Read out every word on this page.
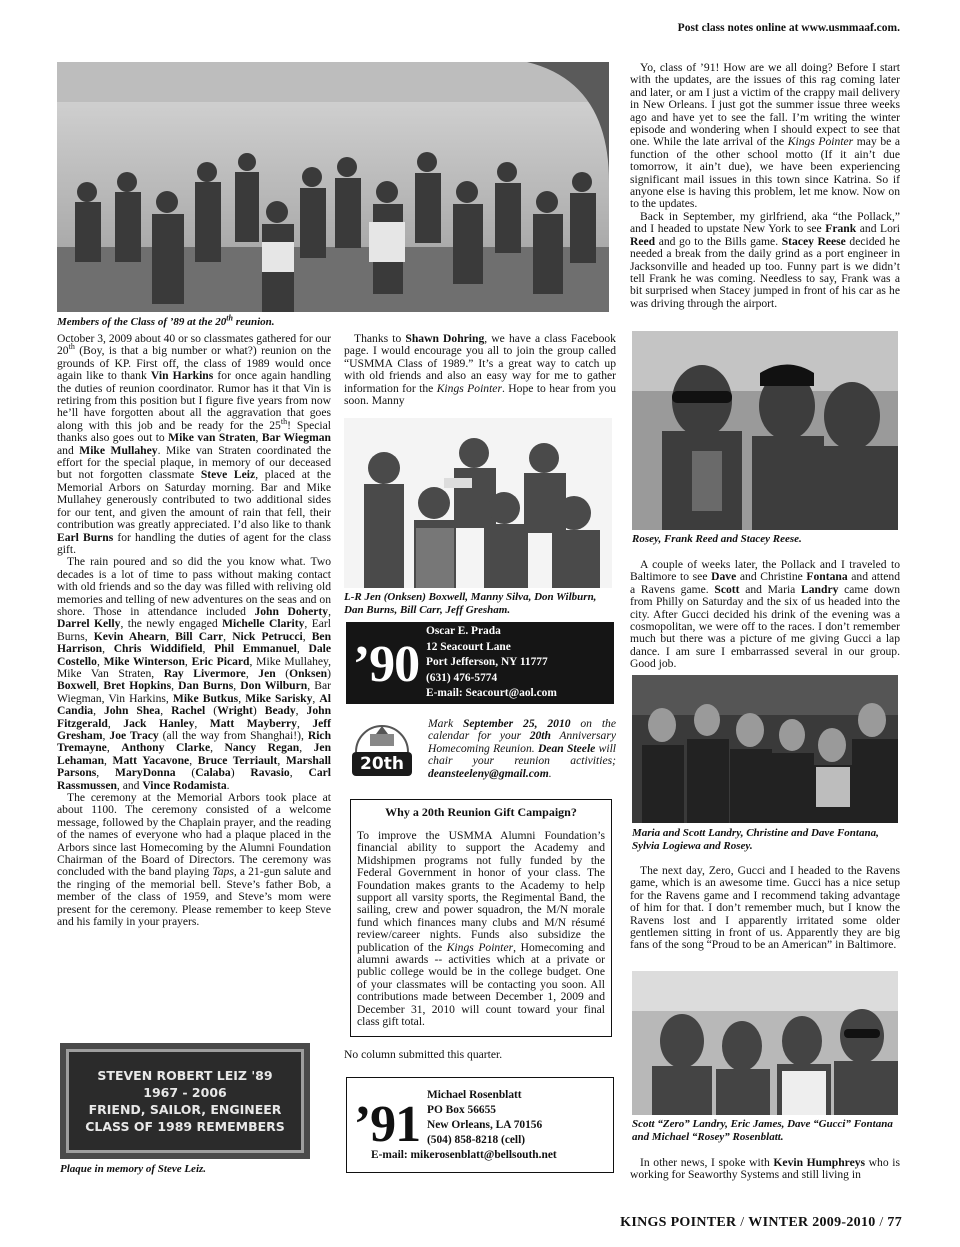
Post class notes online at www.usmmaaf.com.
Members of the Class of ’89 at the 20th reunion.

October 3, 2009 about 40 or so classmates gathered for our 20th (Boy, is that a big number or what?) reunion on the grounds of KP. First off, the class of 1989 would once again like to thank Vin Harkins for once again handling the duties of reunion coordinator. Rumor has it that Vin is retiring from this position but I figure five years from now he’ll have forgotten about all the aggravation that goes along with this job and be ready for the 25th! Special thanks also goes out to Mike van Straten, Bar Wiegman and Mike Mullahey. Mike van Straten coordinated the effort for the special plaque, in memory of our deceased but not forgotten classmate Steve Leiz, placed at the Memorial Arbors on Saturday morning. Bar and Mike Mullahey generously contributed to two additional sides for our tent, and given the amount of rain that fell, their contribution was greatly appreciated. I’d also like to thank Earl Burns for handling the duties of agent for the class gift.

The rain poured and so did the you know what. Two decades is a lot of time to pass without making contact with old friends and so the day was filled with reliving old memories and telling of new adventures on the seas and on shore. Those in attendance included John Doherty, Darrel Kelly, the newly engaged Michelle Clarity, Earl Burns, Kevin Ahearn, Bill Carr, Nick Petrucci, Ben Harrison, Chris Widdifield, Phil Emmanuel, Dale Costello, Mike Winterson, Eric Picard, Mike Mullahey, Mike Van Straten, Ray Livermore, Jen (Onksen) Boxwell, Bret Hopkins, Dan Burns, Don Wilburn, Bar Wiegman, Vin Harkins, Mike Butkus, Mike Sarisky, Al Candia, John Shea, Rachel (Wright) Beady, John Fitzgerald, Jack Hanley, Matt Mayberry, Jeff Gresham, Joe Tracy (all the way from Shanghai!), Rich Tremayne, Anthony Clarke, Nancy Regan, Jen Lehaman, Matt Yacavone, Bruce Terriault, Marshall Parsons, MaryDonna (Calaba) Ravasio, Carl Rassmussen, and Vince Rodamista.

The ceremony at the Memorial Arbors took place at about 1100. The ceremony consisted of a welcome message, followed by the Chaplain prayer, and the reading of the names of everyone who had a plaque placed in the Arbors since last Homecoming by the Alumni Foundation Chairman of the Board of Directors. The ceremony was concluded with the band playing Taps, a 21-gun salute and the ringing of the memorial bell. Steve’s father Bob, a member of the class of 1959, and Steve’s mom were present for the ceremony. Please remember to keep Steve and his family in your prayers.

STEVEN ROBERT LEIZ '89
1967 - 2006
FRIEND, SAILOR, ENGINEER
CLASS OF 1989 REMEMBERS
Plaque in memory of Steve Leiz.

Thanks to Shawn Dohring, we have a class Facebook page. I would encourage you all to join the group called “USMMA Class of 1989.” It’s a great way to catch up with old friends and also an easy way for me to gather information for the Kings Pointer. Hope to hear from you soon. Manny

L-R Jen (Onksen) Boxwell, Manny Silva, Don Wilburn, Dan Burns, Bill Carr, Jeff Gresham.
’90
Oscar E. Prada
12 Seacourt Lane
Port Jefferson, NY 11777
(631) 476-5774
E-mail: Seacourt@aol.com
20th
Mark September 25, 2010 on the calendar for your 20th Anniversary Homecoming Reunion. Dean Steele will chair your reunion activities; deansteeleny@gmail.com.
Why a 20th Reunion Gift Campaign?
To improve the USMMA Alumni Foundation’s financial ability to support the Academy and Midshipmen programs not fully funded by the Federal Government in honor of your class. The Foundation makes grants to the Academy to help support all varsity sports, the Regimental Band, the sailing, crew and power squadron, the M/N morale fund which finances many clubs and M/N résumé review/career nights. Funds also subsidize the publication of the Kings Pointer, Homecoming and alumni awards -- activities which at a private or public college would be in the college budget. One of your classmates will be contacting you soon. All contributions made between December 1, 2009 and December 31, 2010 will count toward your final class gift total.
No column submitted this quarter.
’91
Michael Rosenblatt
PO Box 56655
New Orleans, LA 70156
(504) 858-8218 (cell)
E-mail: mikerosenblatt@bellsouth.net

Yo, class of ’91! How are we all doing? Before I start with the updates, are the issues of this rag coming later and later, or am I just a victim of the crappy mail delivery in New Orleans. I just got the summer issue three weeks ago and have yet to see the fall. I’m writing the winter episode and wondering when I should expect to see that one. While the late arrival of the Kings Pointer may be a function of the other school motto (If it ain’t due tomorrow, it ain’t due), we have been experiencing significant mail issues in this town since Katrina. So if anyone else is having this problem, let me know. Now on to the updates.

Back in September, my girlfriend, aka “the Pollack,” and I headed to upstate New York to see Frank and Lori Reed and go to the Bills game. Stacey Reese decided he needed a break from the daily grind as a port engineer in Jacksonville and headed up too. Funny part is we didn’t tell Frank he was coming. Needless to say, Frank was a bit surprised when Stacey jumped in front of his car as he was driving through the airport.

Rosey, Frank Reed and Stacey Reese.

A couple of weeks later, the Pollack and I traveled to Baltimore to see Dave and Christine Fontana and attend a Ravens game. Scott and Maria Landry came down from Philly on Saturday and the six of us headed into the city. After Gucci decided his drink of the evening was a cosmopolitan, we were off to the races. I don’t remember much but there was a picture of me giving Gucci a lap dance. I am sure I embarrassed several in our group. Good job.

Maria and Scott Landry, Christine and Dave Fontana, Sylvia Logiewa and Rosey.

The next day, Zero, Gucci and I headed to the Ravens game, which is an awesome time. Gucci has a nice setup for the Ravens game and I recommend taking advantage of him for that. I don’t remember much, but I know the Ravens lost and I apparently irritated some older gentlemen sitting in front of us. Apparently they are big fans of the song “Proud to be an American” in Baltimore.

Scott “Zero” Landry, Eric James, Dave “Gucci” Fontana and Michael “Rosey” Rosenblatt.

In other news, I spoke with Kevin Humphreys who is working for Seaworthy Systems and still living in

KINGS POINTER / WINTER 2009-2010 / 77
